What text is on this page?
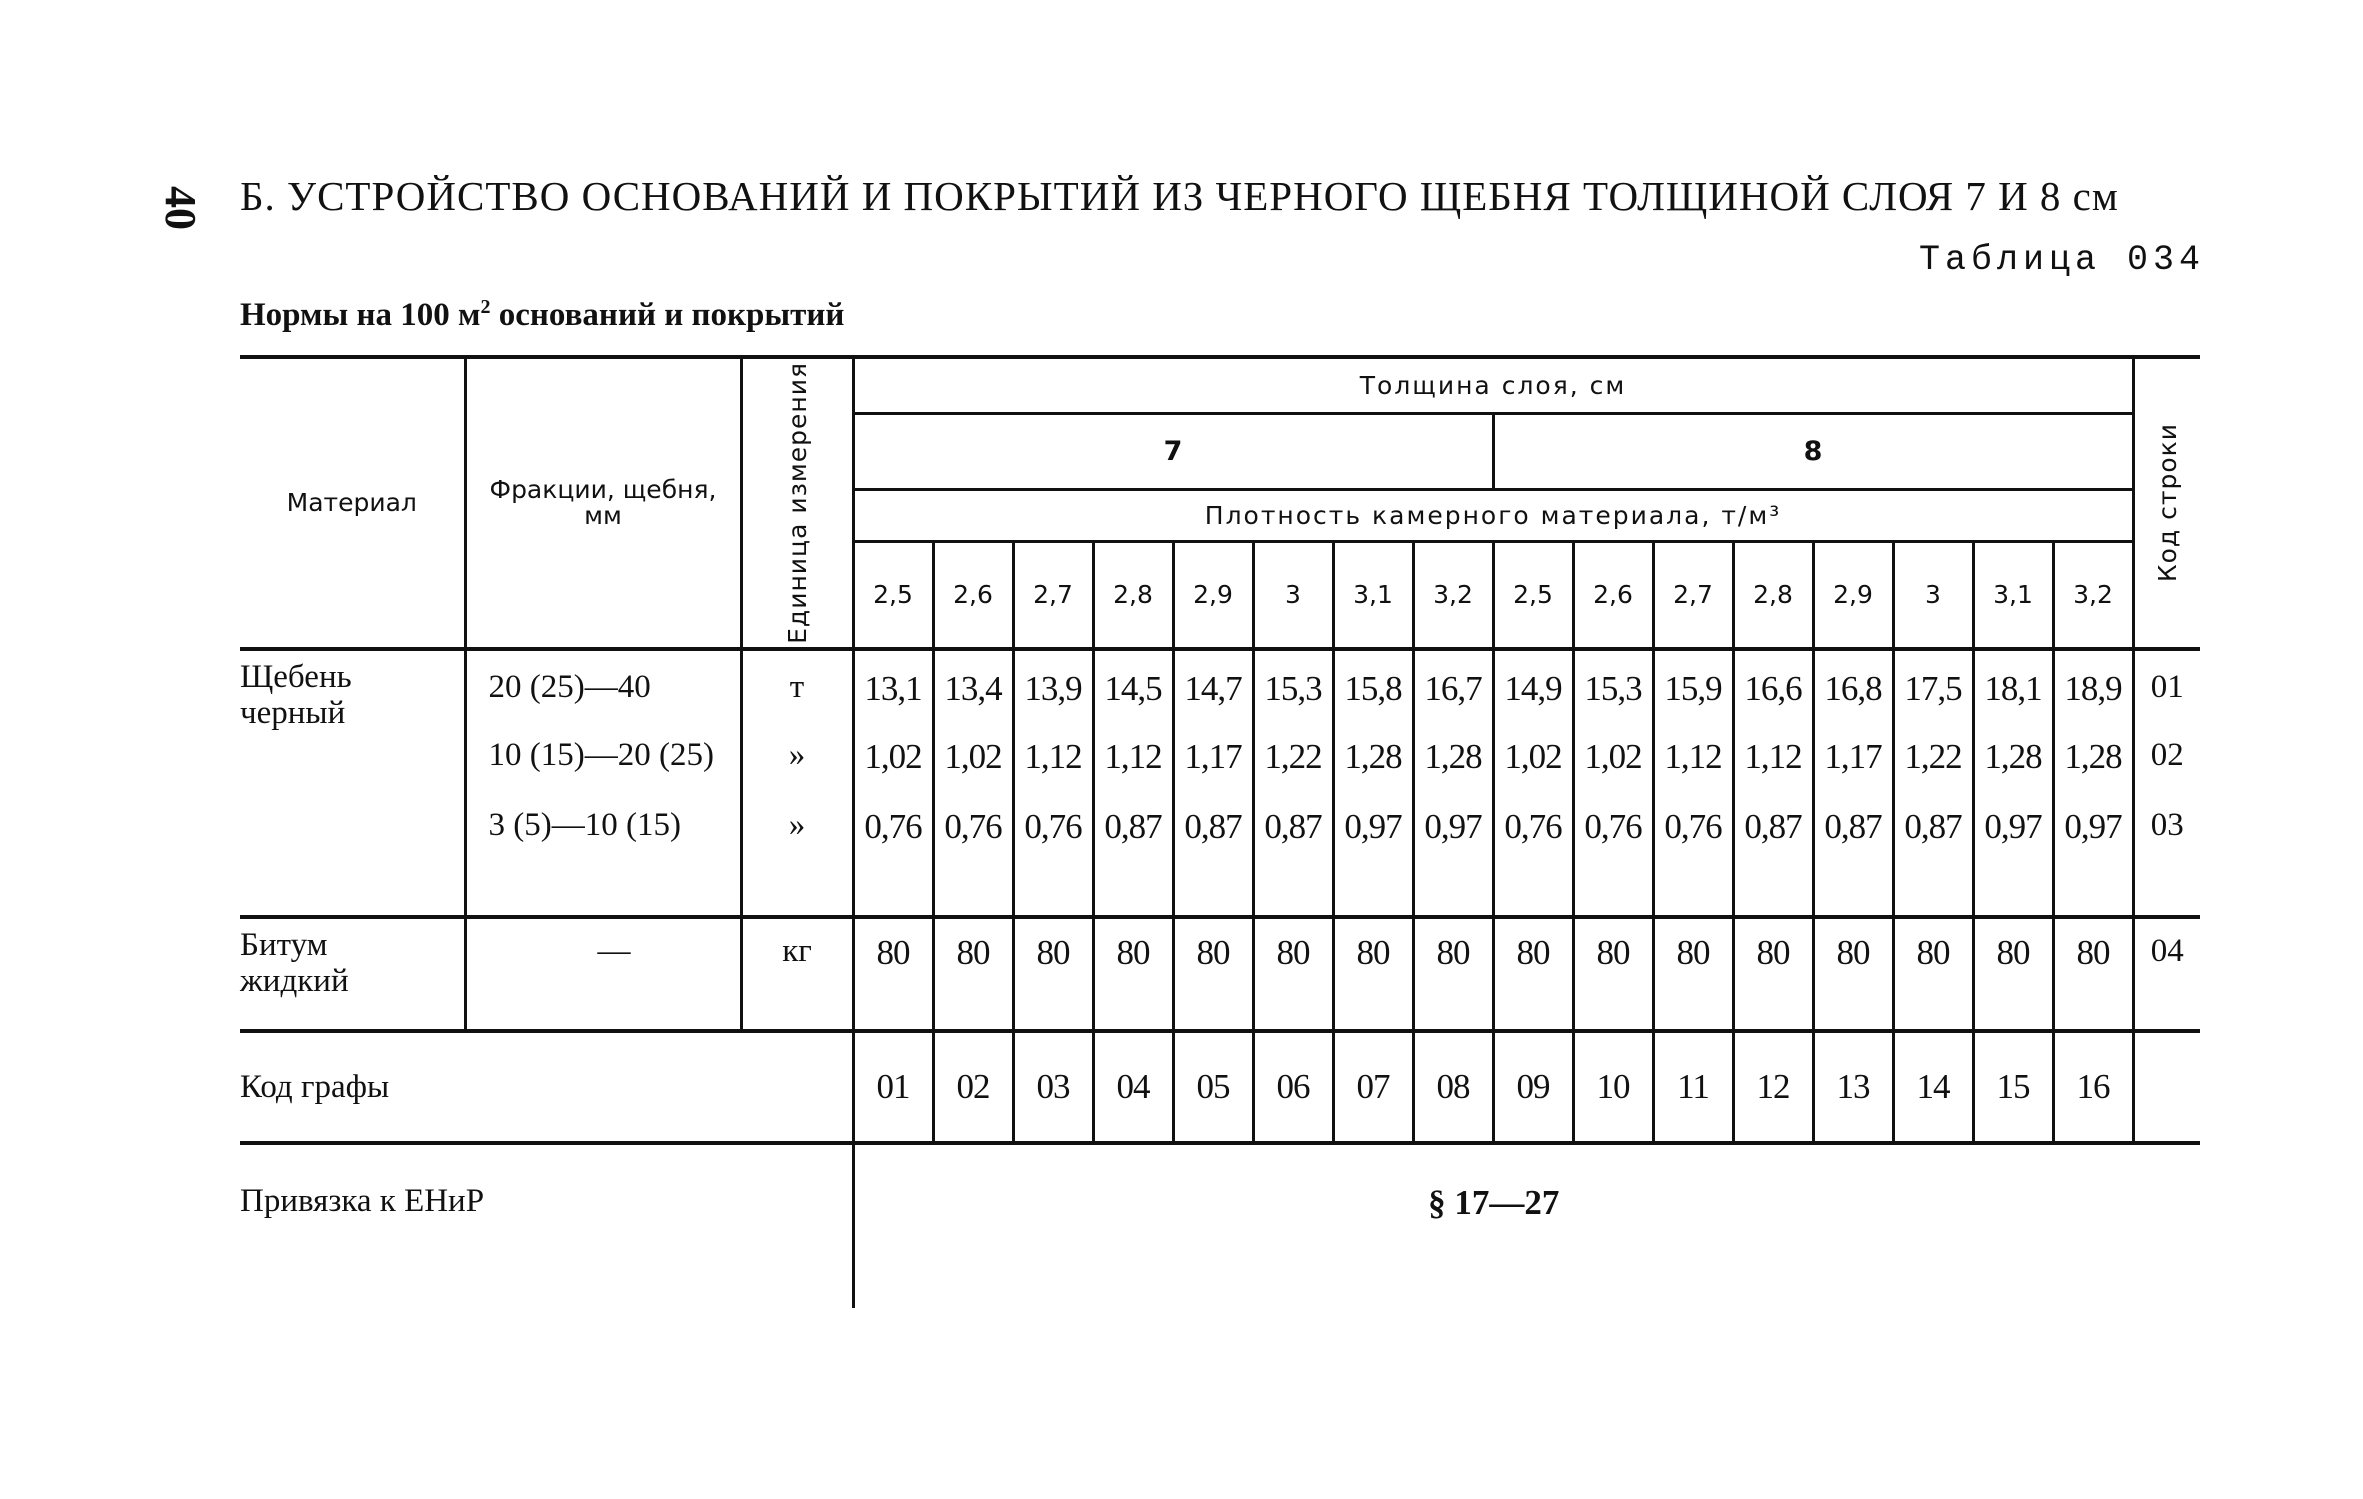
40 Б. УСТРОЙСТВО ОСНОВАНИЙ И ПОКРЫТИЙ ИЗ ЧЕРНОГО ЩЕБНЯ ТОЛЩИНОЙ СЛОЯ 7 И 8 см
Таблица 034
Нормы на 100 $м^2$ оснований и покрытий
Материал	Фракции, щебня, мм	Единица измерения	Толщина слоя, см																Код строки

			7								8								
			Плотность камерного материала, т/м³																
			2,5	2,6	2,7	2,8	2,9	3	3,1	3,2	2,5	2,6	2,7	2,8	2,9	3	3,1	3,2	
Щебень черный	20 (25)—40	т	13,1	13,4	13,9	14,5	14,7	15,3	15,8	16,7	14,9	15,3	15,9	16,6	16,8	17,5	18,1	18,9	01
	10 (15)—20 (25)	»	1,02	1,02	1,12	1,12	1,17	1,22	1,28	1,28	1,02	1,02	1,12	1,12	1,17	1,22	1,28	1,28	02
	3 (5)—10 (15)	»	0,76	0,76	0,76	0,87	0,87	0,87	0,97	0,97	0,76	0,76	0,76	0,87	0,87	0,87	0,97	0,97	03
Битум жидкий	—	кг	80	80	80	80	80	80	80	80	80	80	80	80	80	80	80	80	04
Код графы			01	02	03	04	05	06	07	08	09	10	11	12	13	14	15	16	
Привязка к ЕНиР			§ 17—27																
